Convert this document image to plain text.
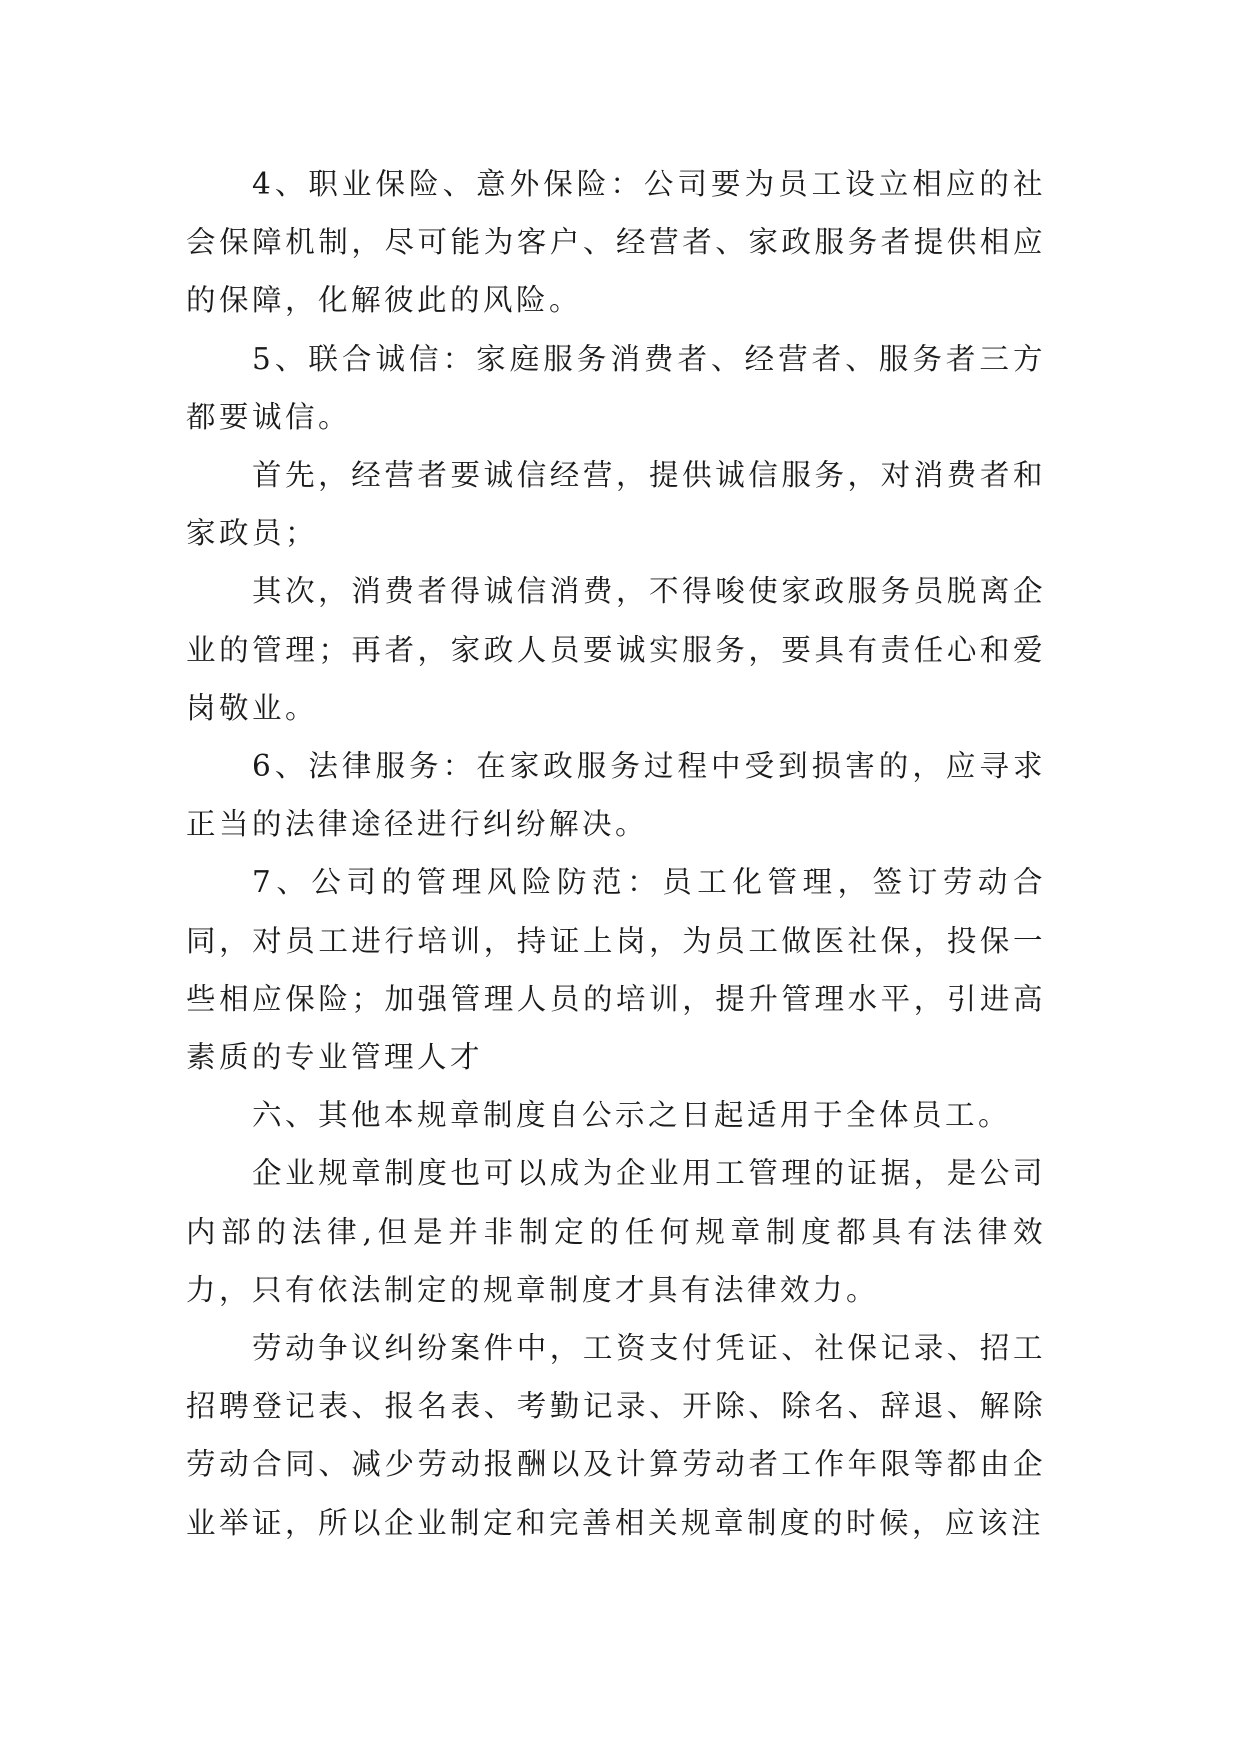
4、职业保险、意外保险：公司要为员工设立相应的社会保障机制，尽可能为客户、经营者、家政服务者提供相应的保障，化解彼此的风险。

5、联合诚信：家庭服务消费者、经营者、服务者三方都要诚信。

首先，经营者要诚信经营，提供诚信服务，对消费者和家政员；

其次，消费者得诚信消费，不得唆使家政服务员脱离企业的管理；再者，家政人员要诚实服务，要具有责任心和爱岗敬业。

6、法律服务：在家政服务过程中受到损害的，应寻求正当的法律途径进行纠纷解决。

7、公司的管理风险防范：员工化管理，签订劳动合同，对员工进行培训，持证上岗，为员工做医社保，投保一些相应保险；加强管理人员的培训，提升管理水平，引进高素质的专业管理人才

六、其他本规章制度自公示之日起适用于全体员工。

企业规章制度也可以成为企业用工管理的证据，是公司内部的法律,但是并非制定的任何规章制度都具有法律效力，只有依法制定的规章制度才具有法律效力。

劳动争议纠纷案件中，工资支付凭证、社保记录、招工招聘登记表、报名表、考勤记录、开除、除名、辞退、解除劳动合同、减少劳动报酬以及计算劳动者工作年限等都由企业举证，所以企业制定和完善相关规章制度的时候，应该注
